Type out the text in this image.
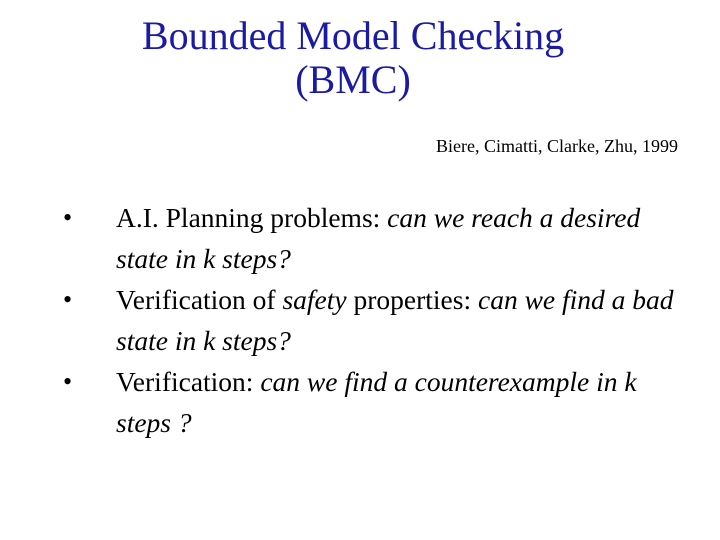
Bounded Model Checking
(BMC)
Biere, Cimatti, Clarke, Zhu, 1999
• A.I. Planning problems: can we reach a desired state in k steps?
• Verification of safety properties: can we find a bad state in k steps?
• Verification: can we find a counterexample in k steps ?
